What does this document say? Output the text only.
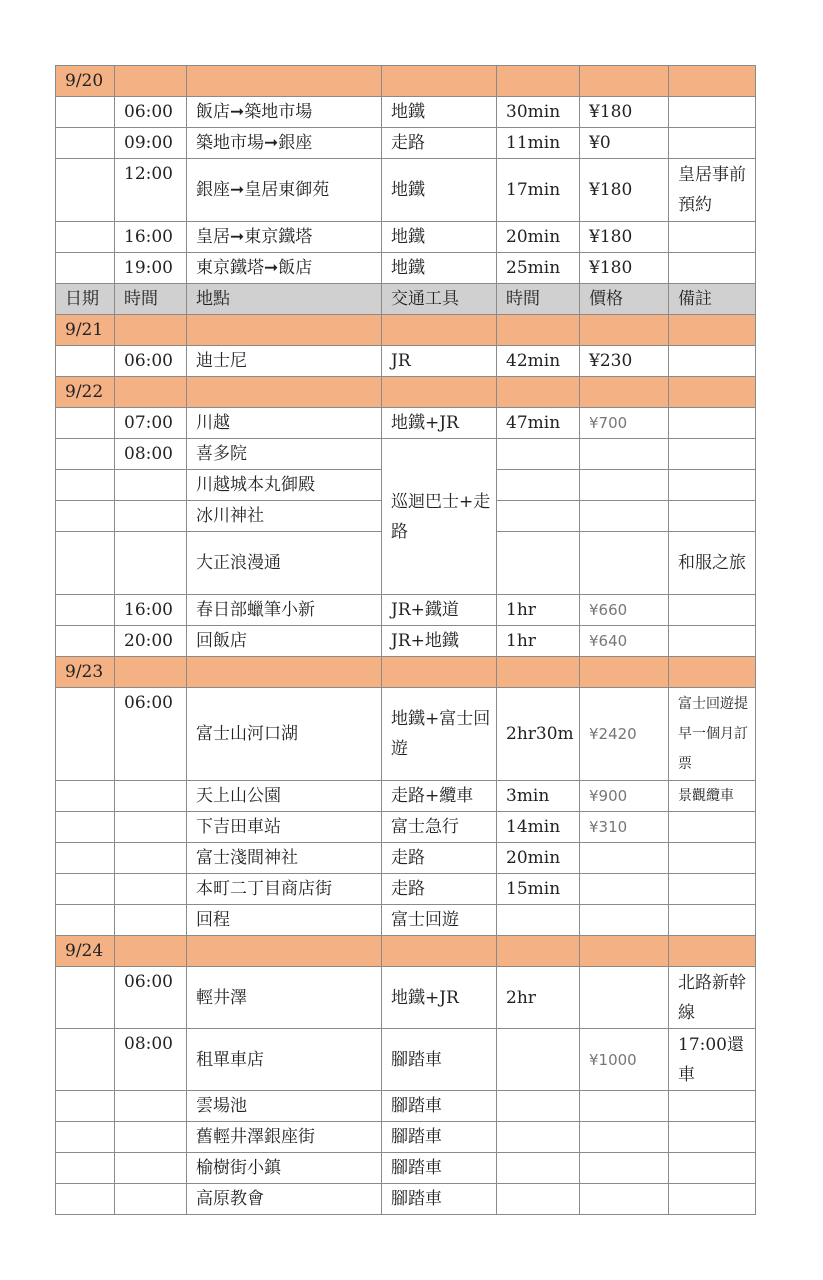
9/20						
	06:00	飯店➞築地市場	地鐵	30min	¥180	
	09:00	築地市場➞銀座	走路	11min	¥0	
	12:00	銀座➞皇居東御苑	地鐵	17min	¥180	皇居事前預約
	16:00	皇居➞東京鐵塔	地鐵	20min	¥180	
	19:00	東京鐵塔➞飯店	地鐵	25min	¥180	
日期	時間	地點	交通工具	時間	價格	備註
9/21						
	06:00	迪士尼	JR	42min	¥230	
9/22						
	07:00	川越	地鐵+JR	47min	¥700	
	08:00	喜多院	巡迴巴士+走路			
		川越城本丸御殿				
		冰川神社				
		大正浪漫通				和服之旅
	16:00	春日部蠟筆小新	JR+鐵道	1hr	¥660	
	20:00	回飯店	JR+地鐵	1hr	¥640	
9/23						
	06:00	富士山河口湖	地鐵+富士回遊	2hr30m	¥2420	富士回遊提早一個月訂票
		天上山公園	走路+纜車	3min	¥900	景觀纜車
		下吉田車站	富士急行	14min	¥310	
		富士淺間神社	走路	20min		
		本町二丁目商店街	走路	15min		
		回程	富士回遊			
9/24						
	06:00	輕井澤	地鐵+JR	2hr		北路新幹線
	08:00	租單車店	腳踏車		¥1000	17:00還車
		雲場池	腳踏車			
		舊輕井澤銀座街	腳踏車			
		榆樹街小鎮	腳踏車			
		高原教會	腳踏車			
